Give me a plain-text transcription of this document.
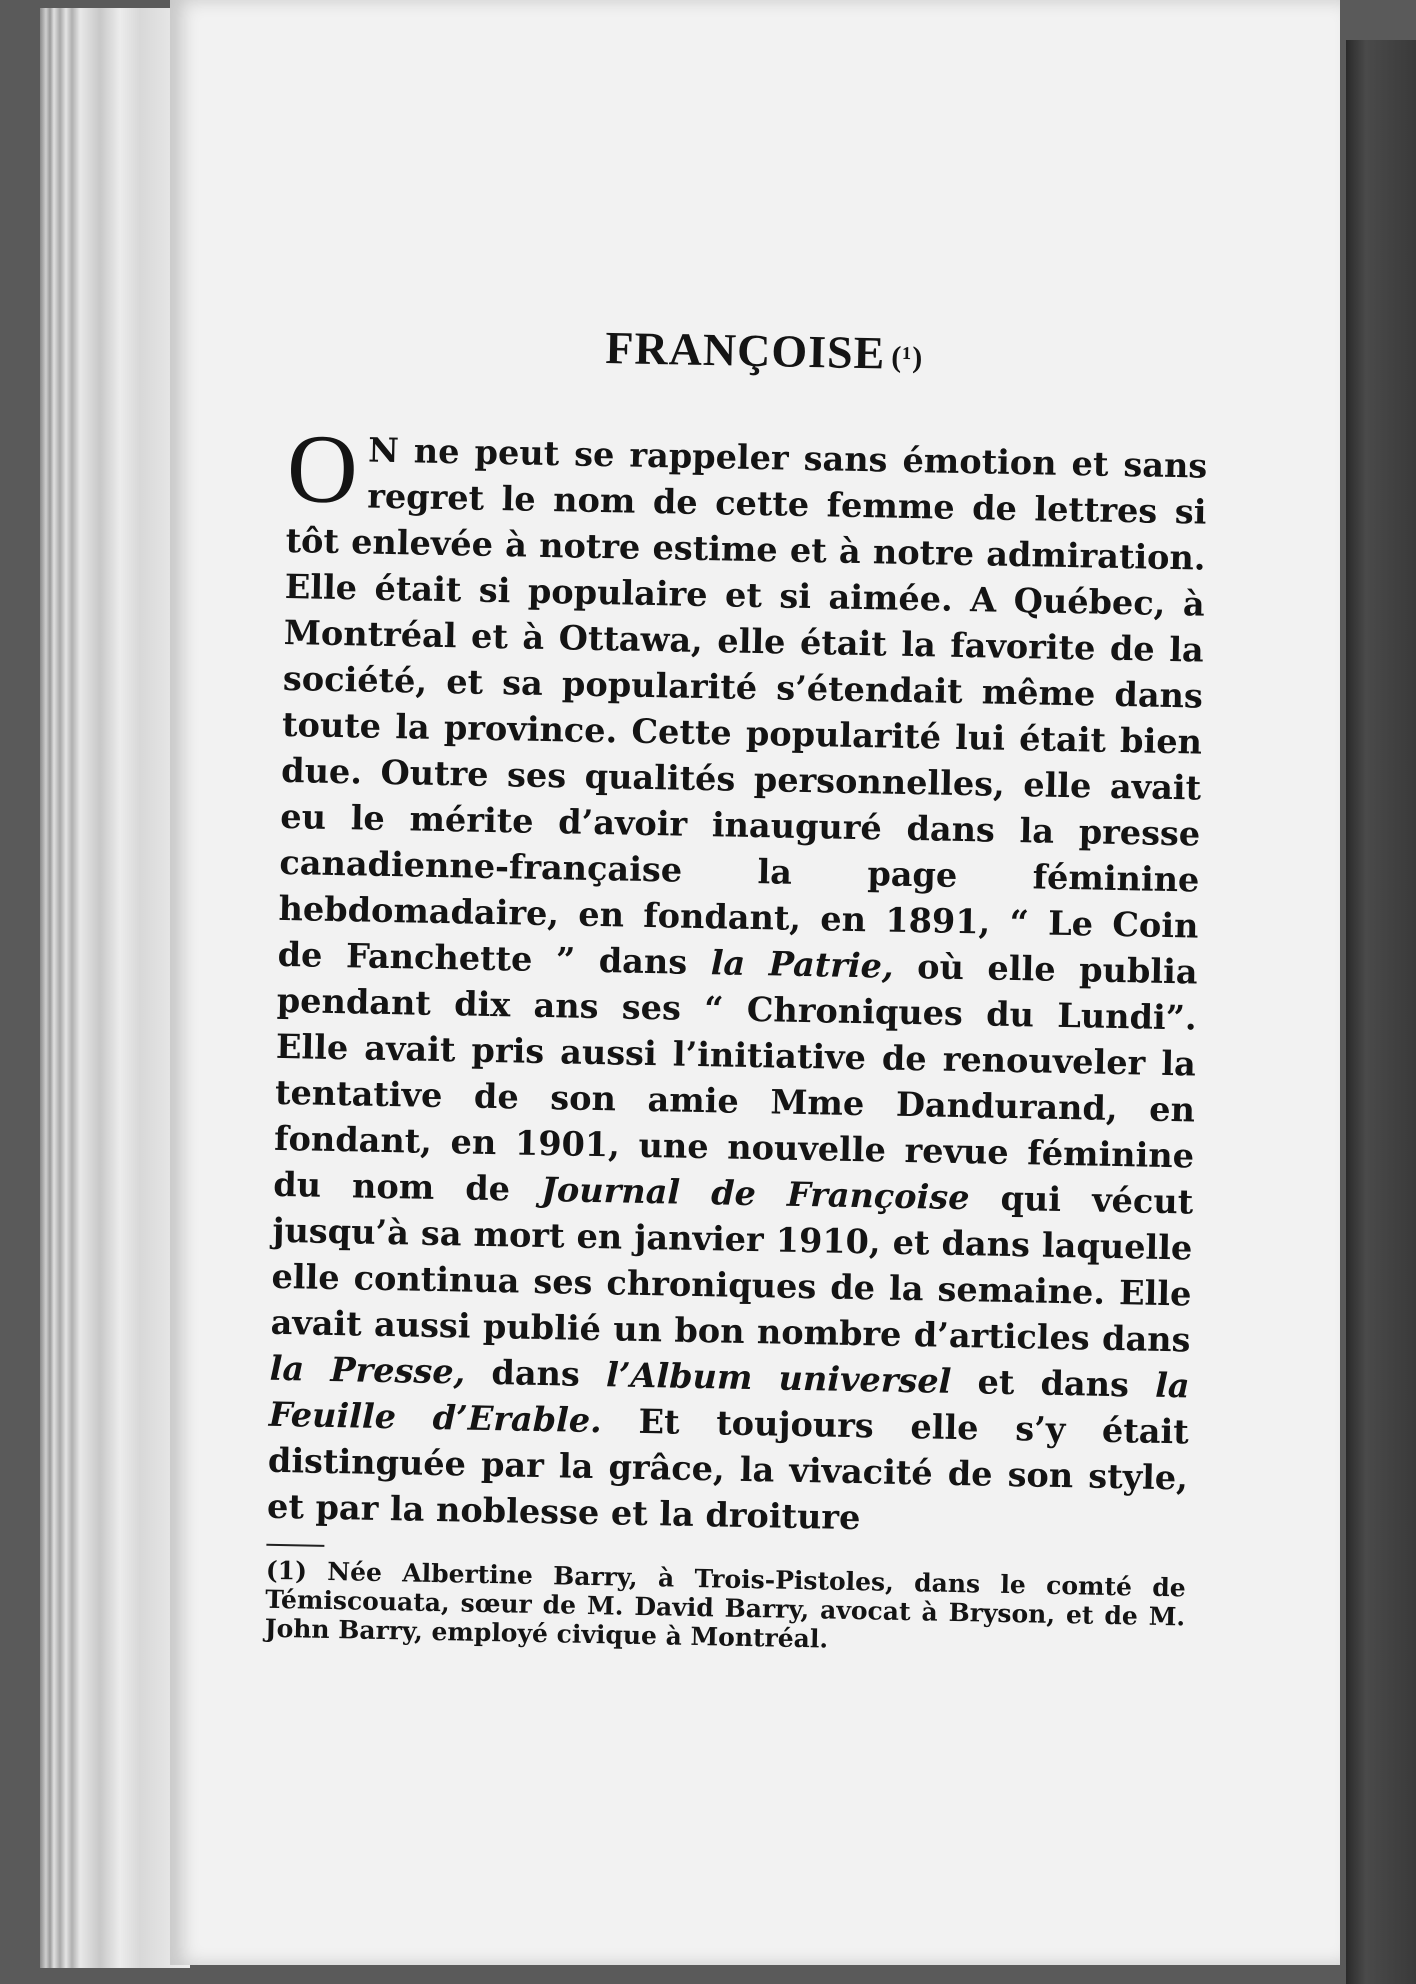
FRANÇOISE (¹)

O N ne peut se rappeler sans émotion et sans regret le nom de cette femme de lettres si tôt enlevée à notre estime et à notre admiration. Elle était si populaire et si aimée. A Québec, à Montréal et à Ottawa, elle était la favorite de la société, et sa popularité s’étendait même dans toute la province. Cette popularité lui était bien due. Outre ses qualités personnelles, elle avait eu le mérite d’avoir inauguré dans la presse canadienne-française la page féminine hebdomadaire, en fondant, en 1891, “ Le Coin de Fanchette ” dans la Patrie, où elle publia pendant dix ans ses “ Chroniques du Lundi”. Elle avait pris aussi l’initiative de renouveler la tentative de son amie Mme Dandurand, en fondant, en 1901, une nouvelle revue féminine du nom de Journal de Françoise qui vécut jusqu’à sa mort en janvier 1910, et dans laquelle elle continua ses chroniques de la semaine. Elle avait aussi publié un bon nombre d’articles dans la Presse, dans l’Album universel et dans la Feuille d’Erable. Et toujours elle s’y était distinguée par la grâce, la vivacité de son style, et par la noblesse et la droiture

(1) Née Albertine Barry, à Trois-Pistoles, dans le comté de Témiscouata, sœur de M. David Barry, avocat à Bryson, et de M. John Barry, employé civique à Montréal.
